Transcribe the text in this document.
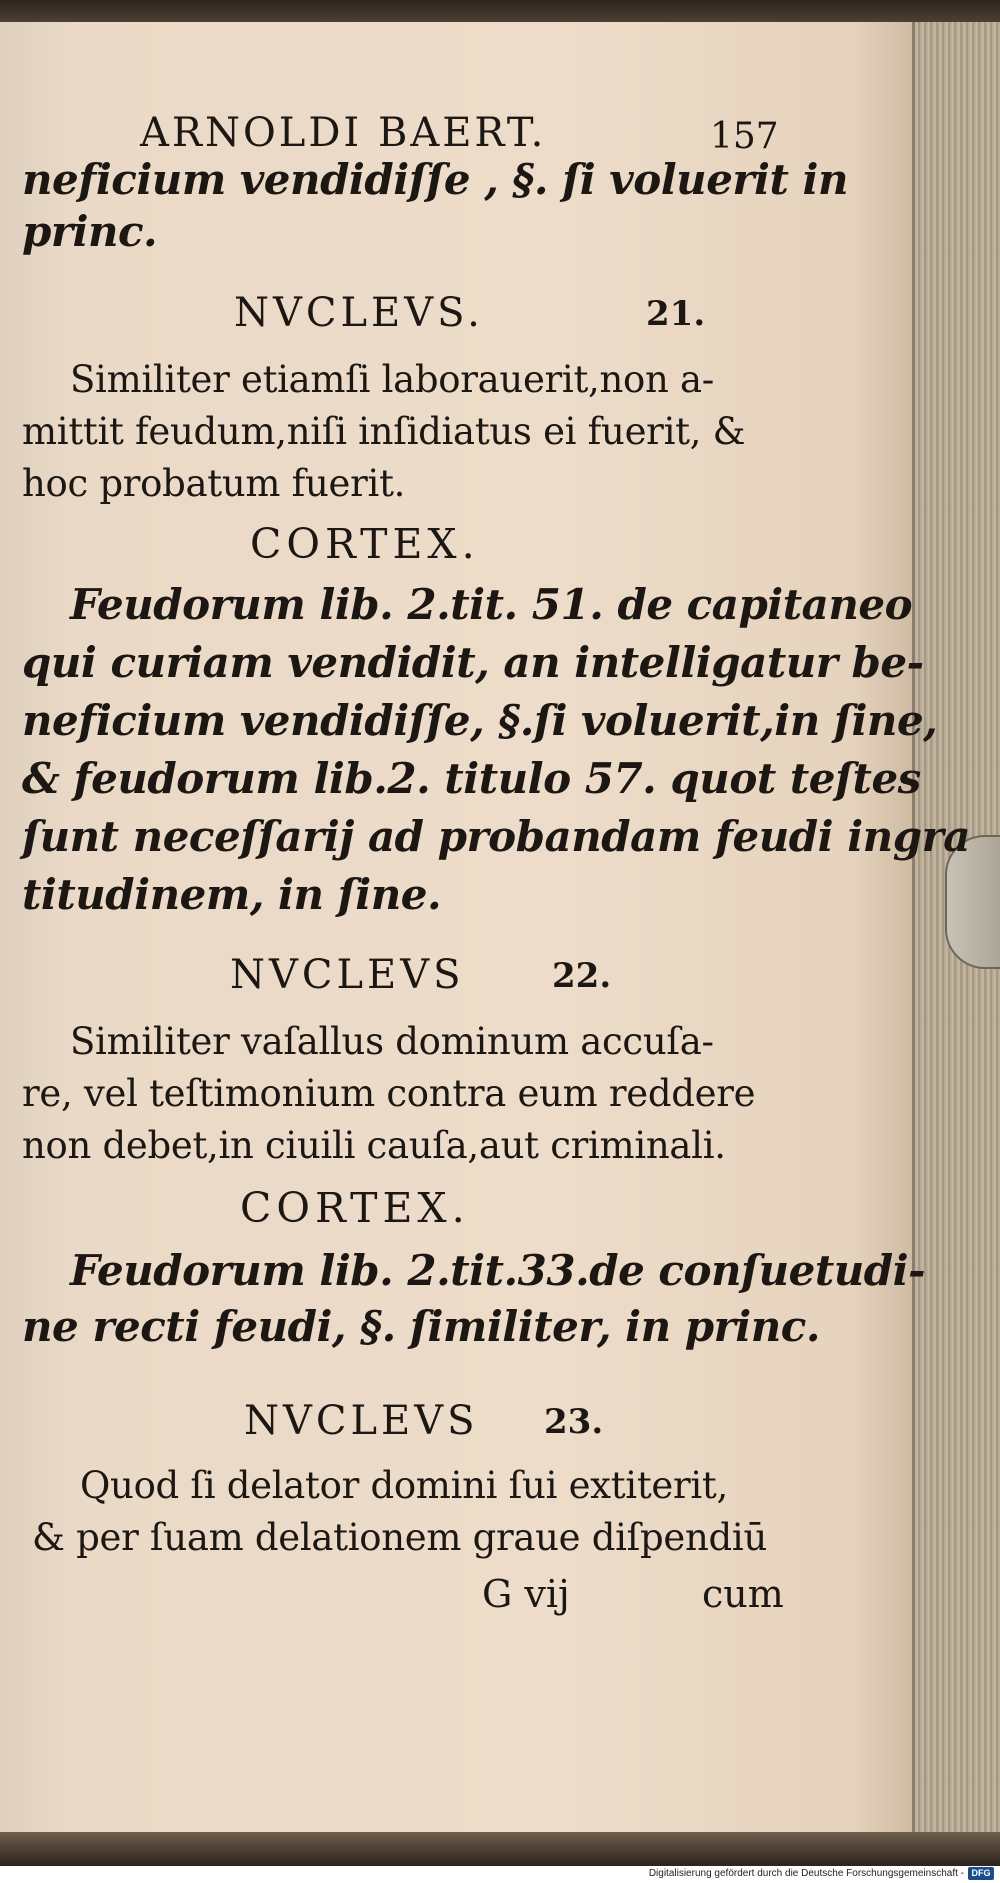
ARNOLDI BAERT.	157
neficium vendidiſſe , §. ſi voluerit in
princ.
NVCLEVS.	21.
Similiter etiamſi laborauerit,non a-
mittit feudum,niſi inſidiatus ei fuerit, &
hoc probatum fuerit.
CORTEX.
Feudorum lib. 2.tit. 51. de capitaneo
qui curiam vendidit, an intelligatur be-
neficium vendidiſſe, §.ſi voluerit,in ſine,
& feudorum lib.2. titulo 57. quot teſtes
ſunt neceſſarij ad probandam feudi ingra
titudinem, in ſine.
NVCLEVS	22.
Similiter vaſallus dominum accuſa-
re, vel teſtimonium contra eum reddere
non debet,in ciuili cauſa,aut criminali.
CORTEX.
Feudorum lib. 2.tit.33.de conſuetudi-
ne recti feudi, §. ſimiliter, in princ.
NVCLEVS 23.
Quod ſi delator domini ſui extiterit,
& per ſuam delationem graue diſpendiū
G vij	cum
Digitalisierung gefördert durch die Deutsche Forschungsgemeinschaft - DFG
